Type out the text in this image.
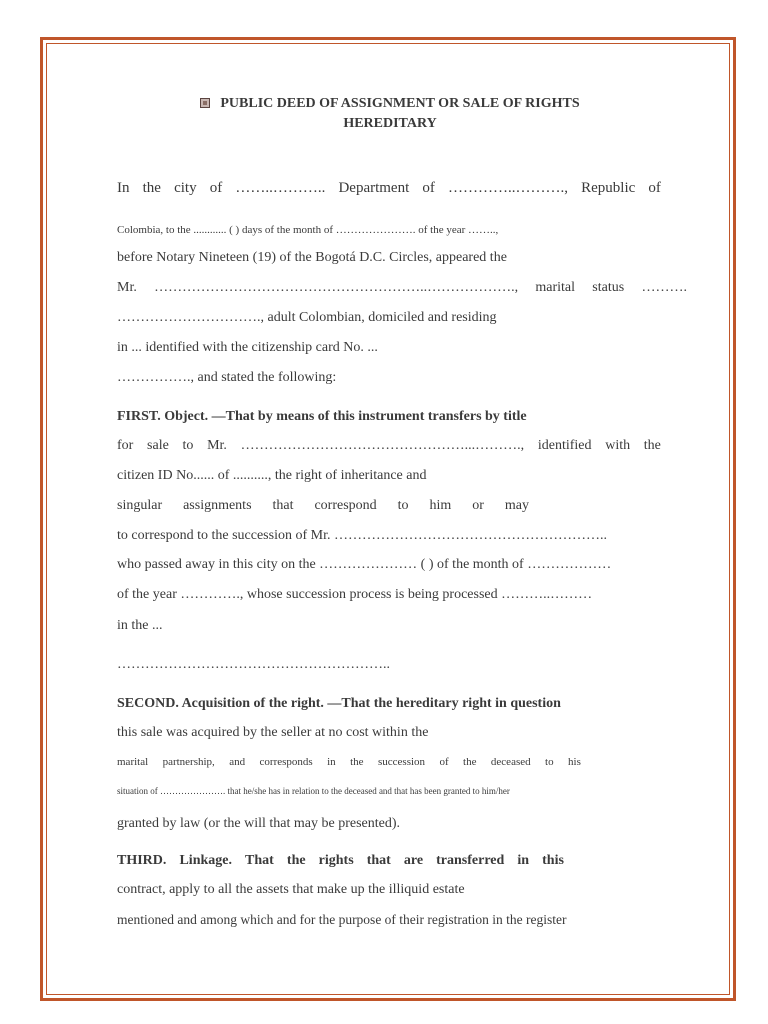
PUBLIC DEED OF ASSIGNMENT OR SALE OF RIGHTS
HEREDITARY
In the city of ……..……….. Department of …………..………., Republic of
Colombia, to the ............ ( ) days of the month of …………………. of the year ……..,
before Notary Nineteen (19) of the Bogotá D.C. Circles, appeared the
Mr. …………………………………………………..………………., marital status ……….
…………………………., adult Colombian, domiciled and residing
in ... identified with the citizenship card No. ...
……………., and stated the following:
FIRST. Object. —That by means of this instrument transfers by title
for sale to Mr. …………………………………………...………., identified with the
citizen ID No...... of .........., the right of inheritance and
singular assignments that correspond to him or may
to correspond to the succession of Mr. …………………………………………………..
who passed away in this city on the ………………… ( ) of the month of ………………
of the year …………., whose succession process is being processed ………..………
in the ...
…………………………………………………..
SECOND. Acquisition of the right. —That the hereditary right in question
this sale was acquired by the seller at no cost within the
marital partnership, and corresponds in the succession of the deceased to his
situation of …………………. that he/she has in relation to the deceased and that has been granted to him/her
granted by law (or the will that may be presented).
THIRD. Linkage. That the rights that are transferred in this
contract, apply to all the assets that make up the illiquid estate
mentioned and among which and for the purpose of their registration in the register
